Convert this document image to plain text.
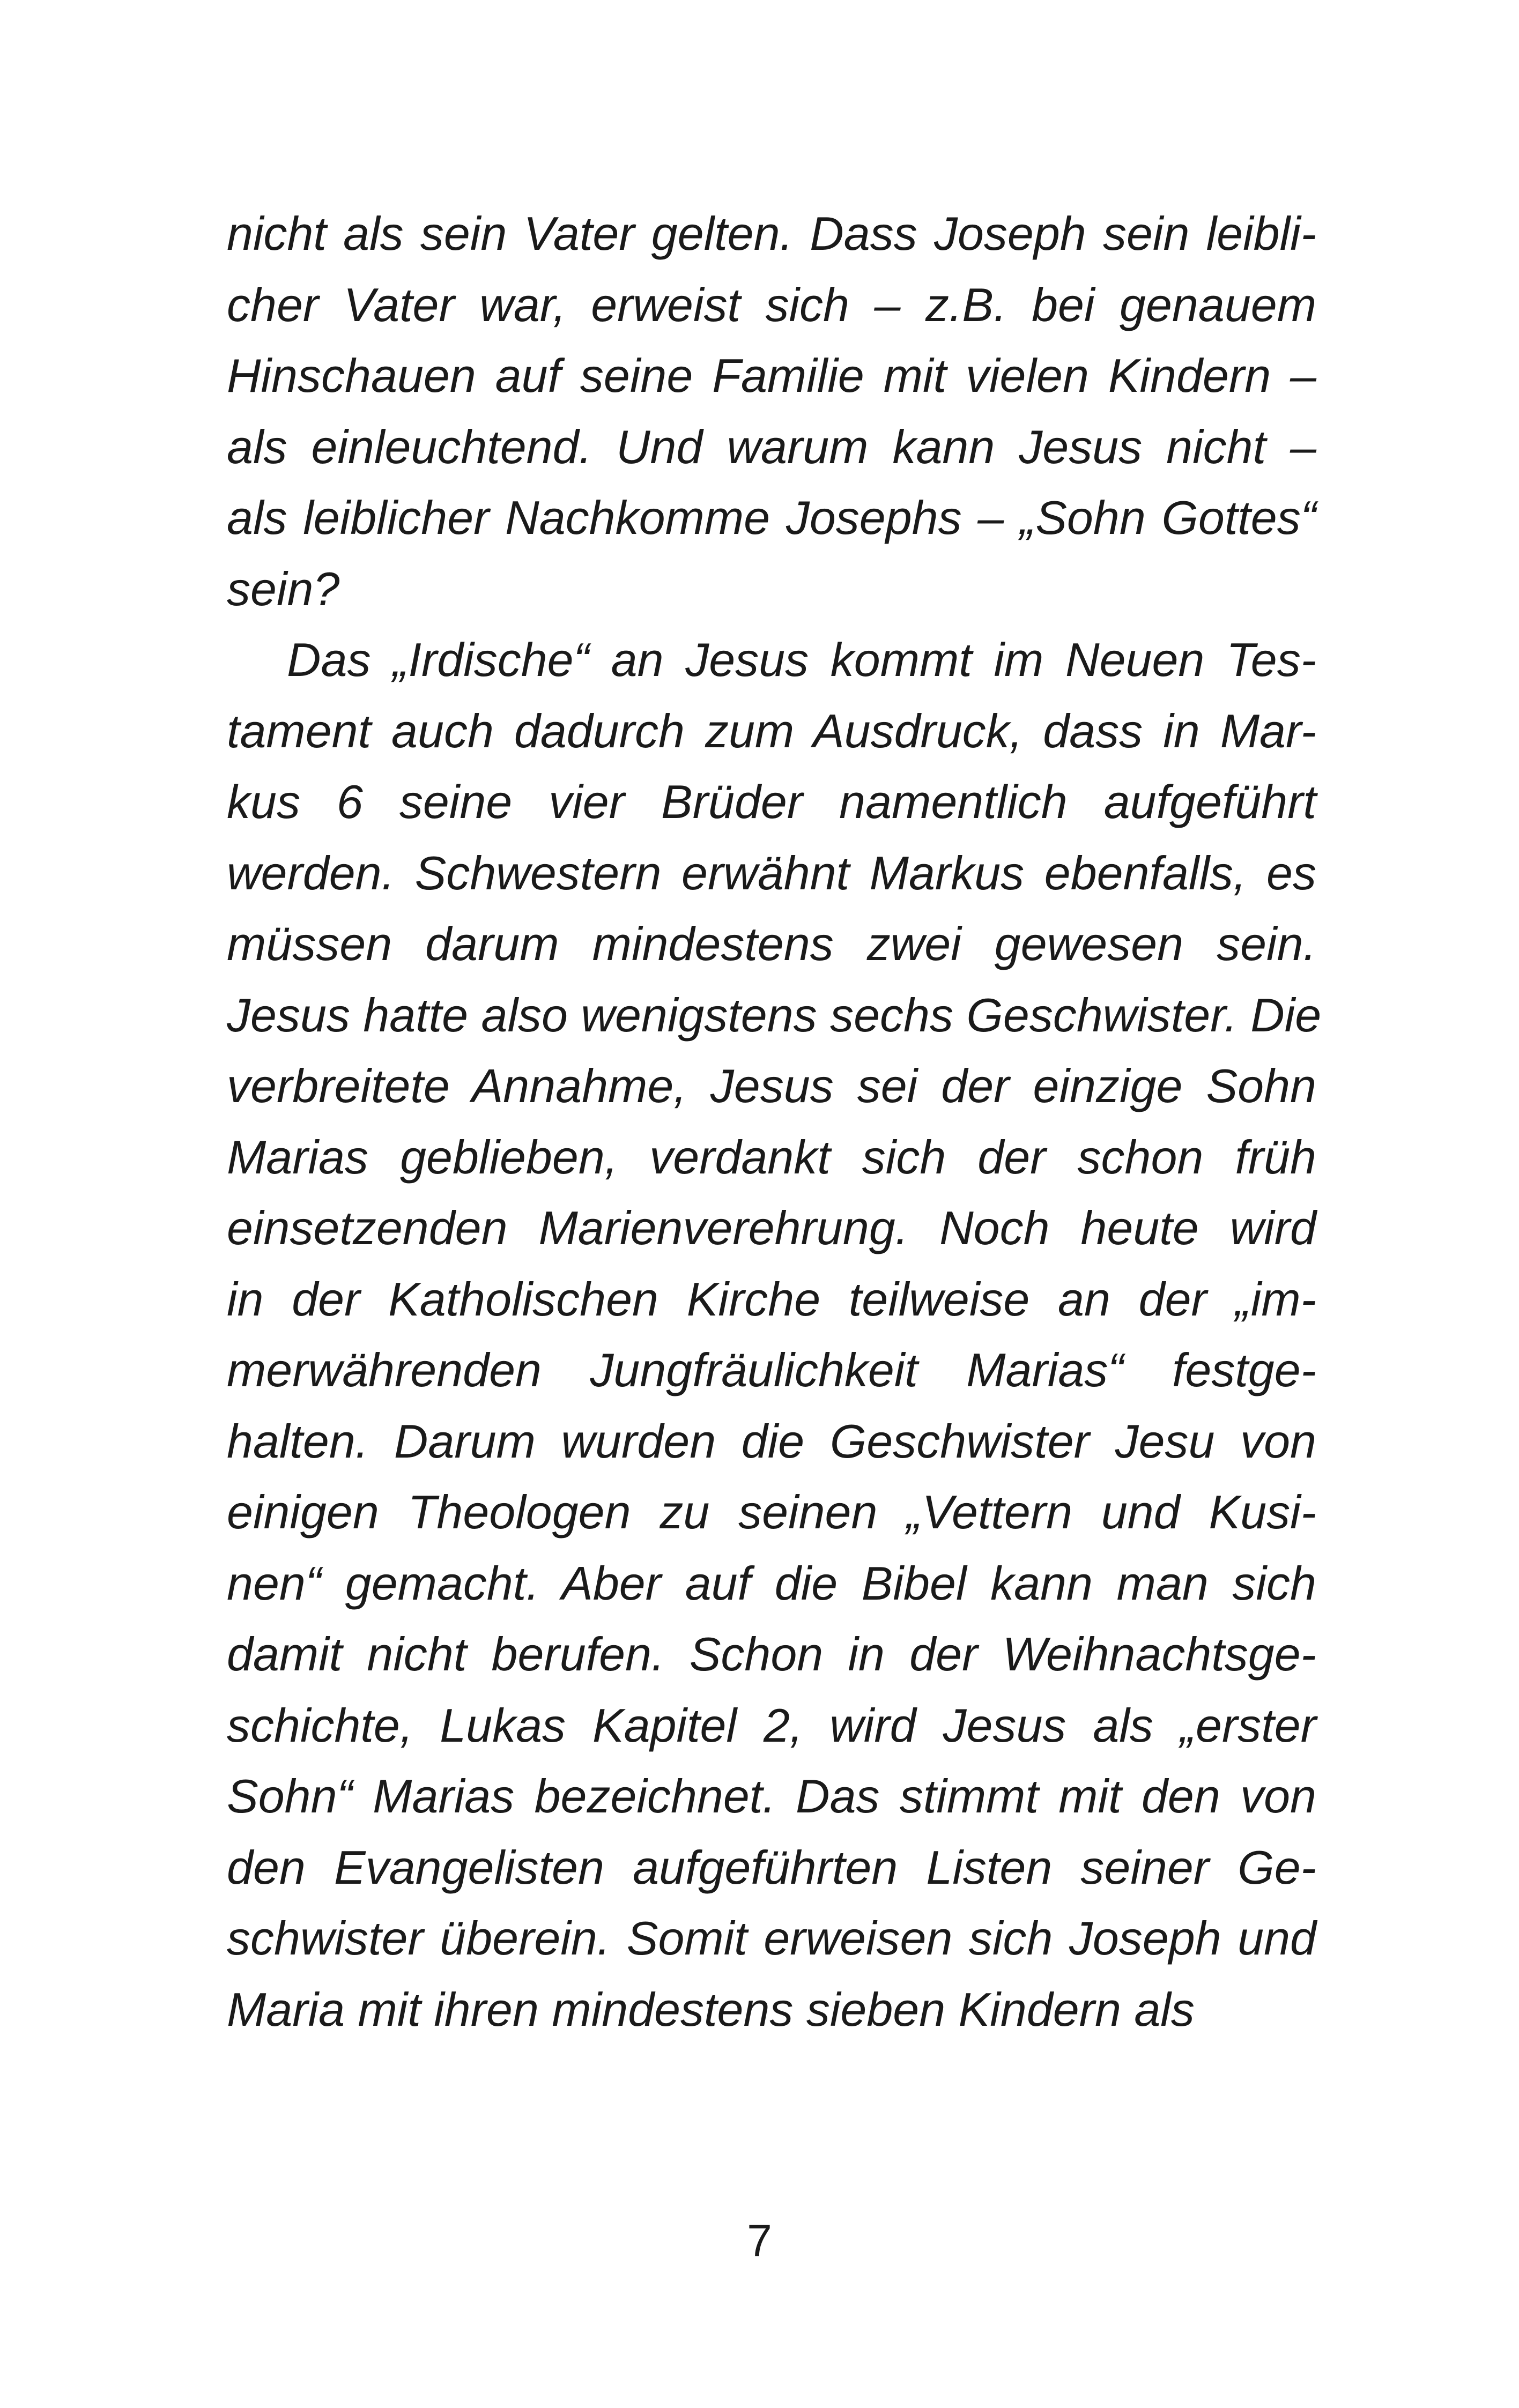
nicht als sein Vater gelten. Dass Joseph sein leibli-
cher Vater war, erweist sich – z.B. bei genauem
Hinschauen auf seine Familie mit vielen Kindern –
als einleuchtend. Und warum kann Jesus nicht –
als leiblicher Nachkomme Josephs – „Sohn Gottes“
sein?
Das „Irdische“ an Jesus kommt im Neuen Tes-
tament auch dadurch zum Ausdruck, dass in Mar-
kus 6 seine vier Brüder namentlich aufgeführt
werden. Schwestern erwähnt Markus ebenfalls, es
müssen darum mindestens zwei gewesen sein.
Jesus hatte also wenigstens sechs Geschwister. Die
verbreitete Annahme, Jesus sei der einzige Sohn
Marias geblieben, verdankt sich der schon früh
einsetzenden Marienverehrung. Noch heute wird
in der Katholischen Kirche teilweise an der „im-
merwährenden Jungfräulichkeit Marias“ festge-
halten. Darum wurden die Geschwister Jesu von
einigen Theologen zu seinen „Vettern und Kusi-
nen“ gemacht. Aber auf die Bibel kann man sich
damit nicht berufen. Schon in der Weihnachtsge-
schichte, Lukas Kapitel 2, wird Jesus als „erster
Sohn“ Marias bezeichnet. Das stimmt mit den von
den Evangelisten aufgeführten Listen seiner Ge-
schwister überein. Somit erweisen sich Joseph und
Maria mit ihren mindestens sieben Kindern als
7
